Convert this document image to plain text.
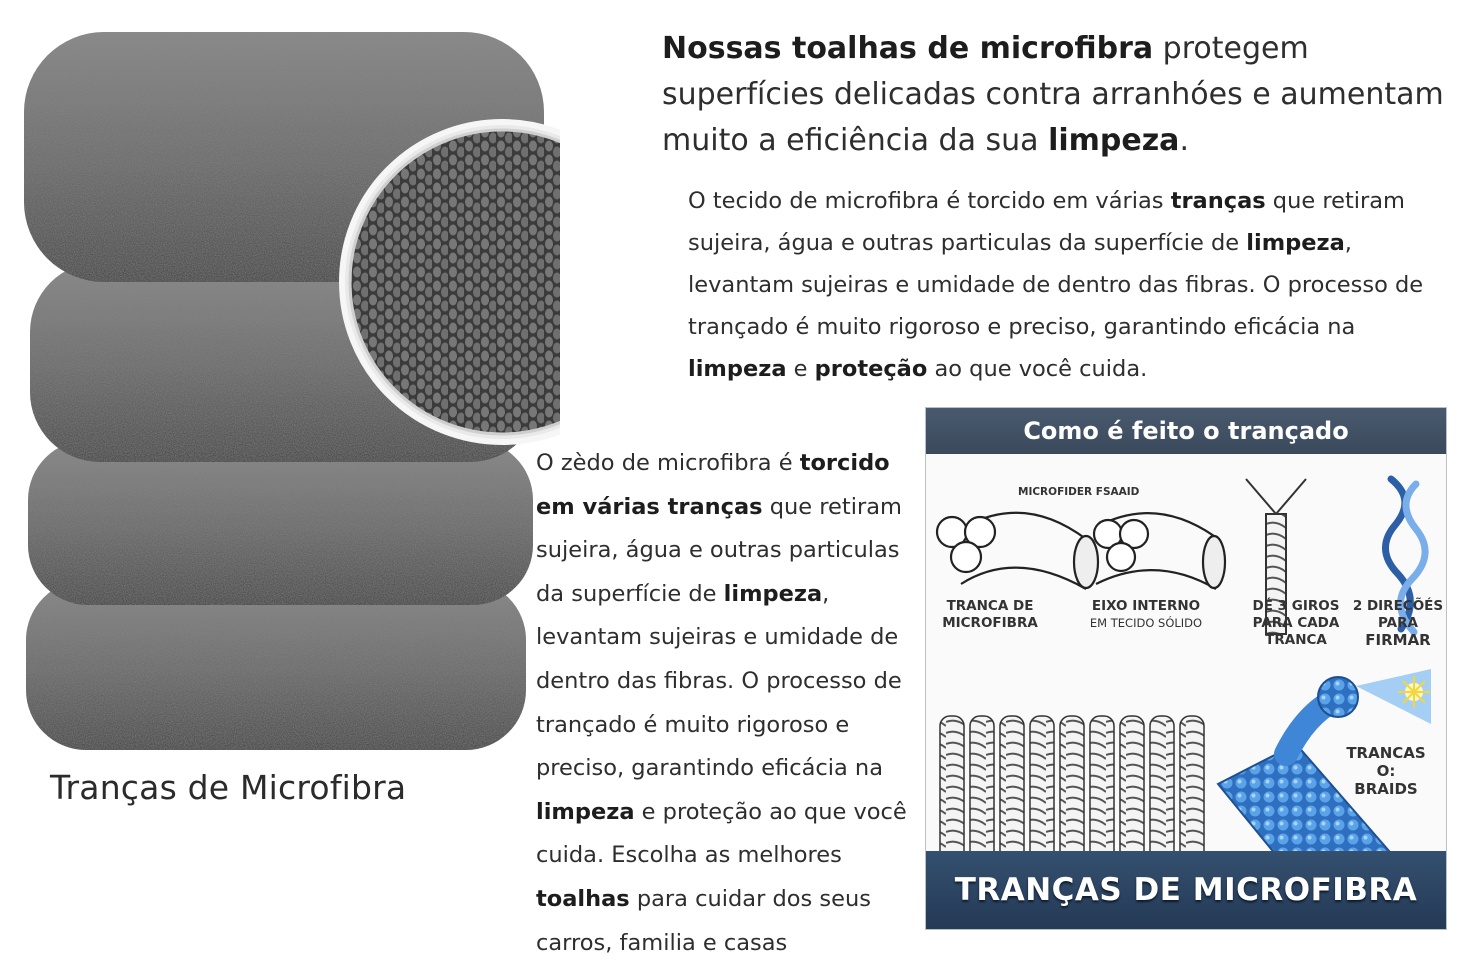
Tranças de Microfibra
Nossas toalhas de microfibra protegem superfícies delicadas contra arranhóes e aumentam muito a eficiência da sua limpeza.
O tecido de microfibra é torcido em várias tranças que retiram sujeira, água e outras particulas da superfície de limpeza, levantam sujeiras e umidade de dentro das fibras. O processo de trançado é muito rigoroso e preciso, garantindo eficácia na limpeza e proteção ao que você cuida.
O zèdo de microfibra é torcido em várias tranças que retiram sujeira, água e outras particulas da superfície de limpeza, levantam sujeiras e umidade de dentro das fibras. O processo de trançado é muito rigoroso e preciso, garantindo eficácia na limpeza e proteção ao que você cuida. Escolha as melhores toalhas para cuidar dos seus carros, familia e casas
Como é feito o trançado
MICROFIDER FSAAID
TRANCA DE
MICROFIBRA
EIXO INTERNO
EM TECIDO SÓLIDO
DÉ 3 GIROS
PARA CADA
TRANCA
2 DIRECÕÉS
PARA
FIRMAR
TRANCAS
O:
BRAIDS
TRANÇAS DE MICROFIBRA
